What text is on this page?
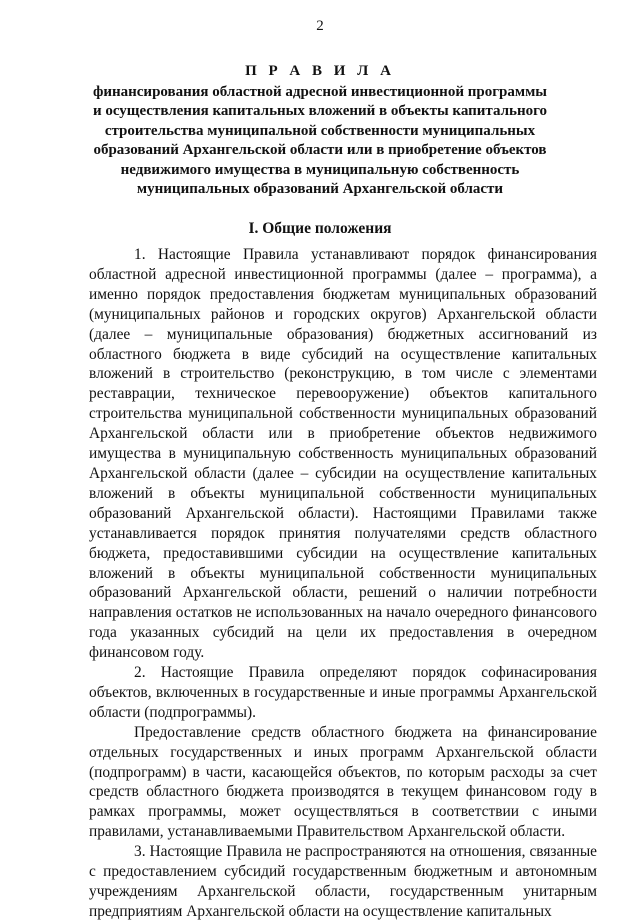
2
П Р А В И Л А
финансирования областной адресной инвестиционной программы
и осуществления капитальных вложений в объекты капитального
строительства муниципальной собственности муниципальных
образований Архангельской области или в приобретение объектов
недвижимого имущества в муниципальную собственность
муниципальных образований Архангельской области
I. Общие положения

1. Настоящие Правила устанавливают порядок финансирования областной адресной инвестиционной программы (далее – программа), а именно порядок предоставления бюджетам муниципальных образований (муниципальных районов и городских округов) Архангельской области (далее – муниципальные образования) бюджетных ассигнований из областного бюджета в виде субсидий на осуществление капитальных вложений в строительство (реконструкцию, в том числе с элементами реставрации, техническое перевооружение) объектов капитального строительства муниципальной собственности муниципальных образований Архангельской области или в приобретение объектов недвижимого имущества в муниципальную собственность муниципальных образований Архангельской области (далее – субсидии на осуществление капитальных вложений в объекты муниципальной собственности муниципальных образований Архангельской области). Настоящими Правилами также устанавливается порядок принятия получателями средств областного бюджета, предоставившими субсидии на осуществление капитальных вложений в объекты муниципальной собственности муниципальных образований Архангельской области, решений о наличии потребности направления остатков не использованных на начало очередного финансового года указанных субсидий на цели их предоставления в очередном финансовом году.

2. Настоящие Правила определяют порядок софинасирования объектов, включенных в государственные и иные программы Архангельской области (подпрограммы).

Предоставление средств областного бюджета на финансирование отдельных государственных и иных программ Архангельской области (подпрограмм) в части, касающейся объектов, по которым расходы за счет средств областного бюджета производятся в текущем финансовом году в рамках программы, может осуществляться в соответствии с иными правилами, устанавливаемыми Правительством Архангельской области.

3. Настоящие Правила не распространяются на отношения, связанные с предоставлением субсидий государственным бюджетным и автономным учреждениям Архангельской области, государственным унитарным предприятиям Архангельской области на осуществление капитальных
